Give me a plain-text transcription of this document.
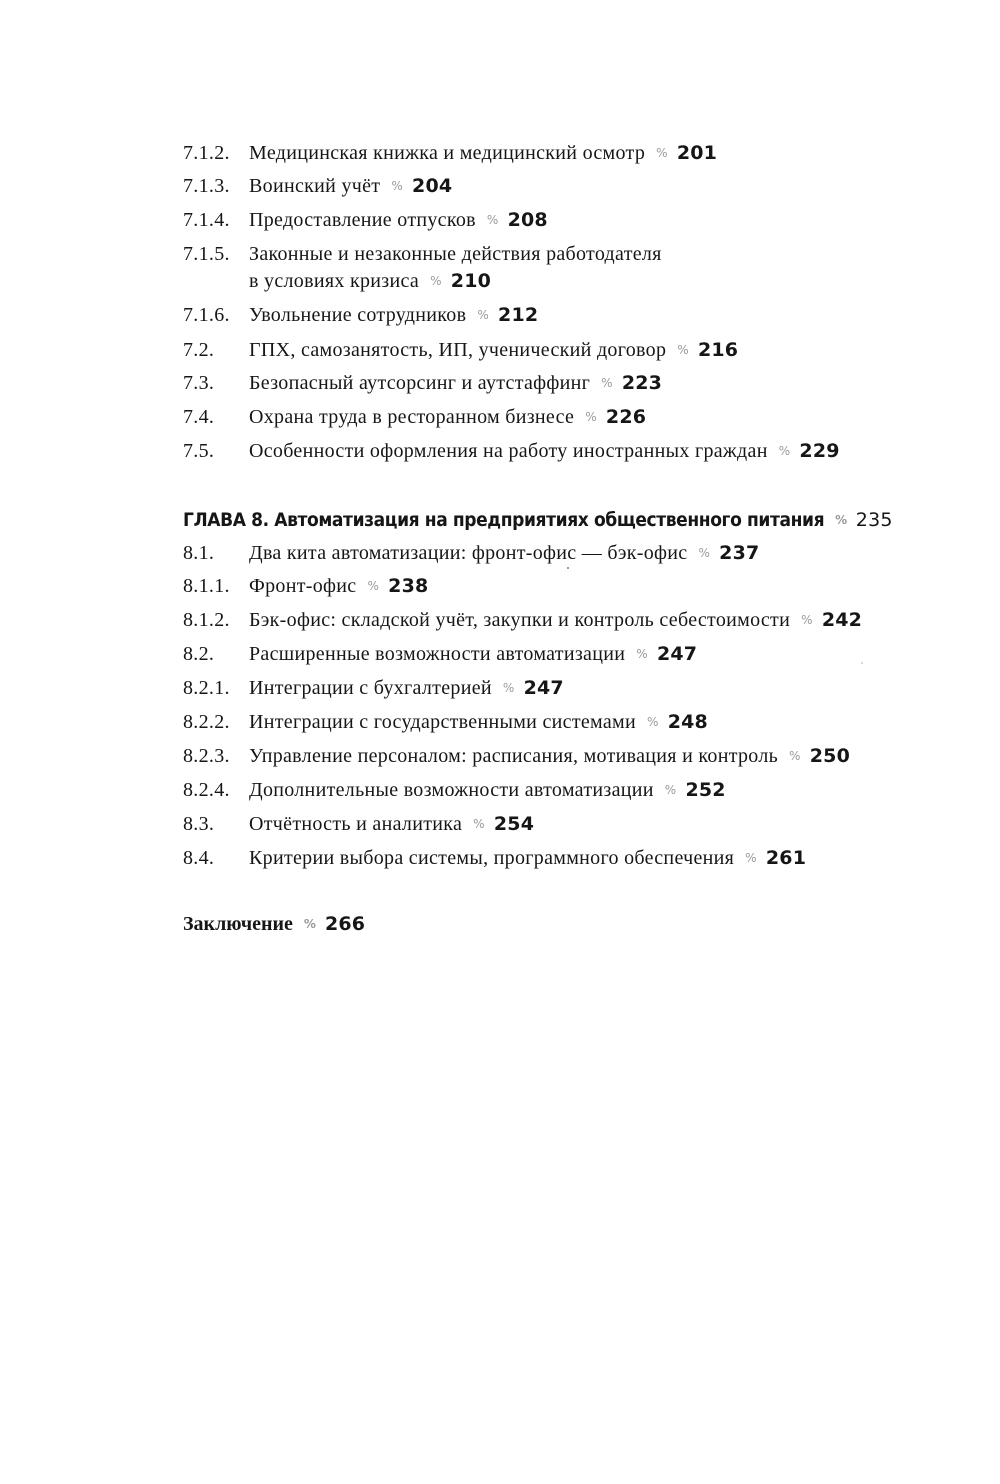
7.1.2. Медицинская книжка и медицинский осмотр % 201
7.1.3. Воинский учёт % 204
7.1.4. Предоставление отпусков % 208
7.1.5. Законные и незаконные действия работодателя
в условиях кризиса % 210
7.1.6. Увольнение сотрудников % 212
7.2. ГПХ, самозанятость, ИП, ученический договор % 216
7.3. Безопасный аутсорсинг и аутстаффинг % 223
7.4. Охрана труда в ресторанном бизнесе % 226
7.5. Особенности оформления на работу иностранных граждан % 229
ГЛАВА 8. Автоматизация на предприятиях общественного питания % 235
8.1. Два кита автоматизации: фронт-офис — бэк-офис % 237
8.1.1. Фронт-офис % 238
8.1.2. Бэк-офис: складской учёт, закупки и контроль себестоимости % 242
8.2. Расширенные возможности автоматизации % 247
8.2.1. Интеграции с бухгалтерией % 247
8.2.2. Интеграции с государственными системами % 248
8.2.3. Управление персоналом: расписания, мотивация и контроль % 250
8.2.4. Дополнительные возможности автоматизации % 252
8.3. Отчётность и аналитика % 254
8.4. Критерии выбора системы, программного обеспечения % 261
Заключение % 266
